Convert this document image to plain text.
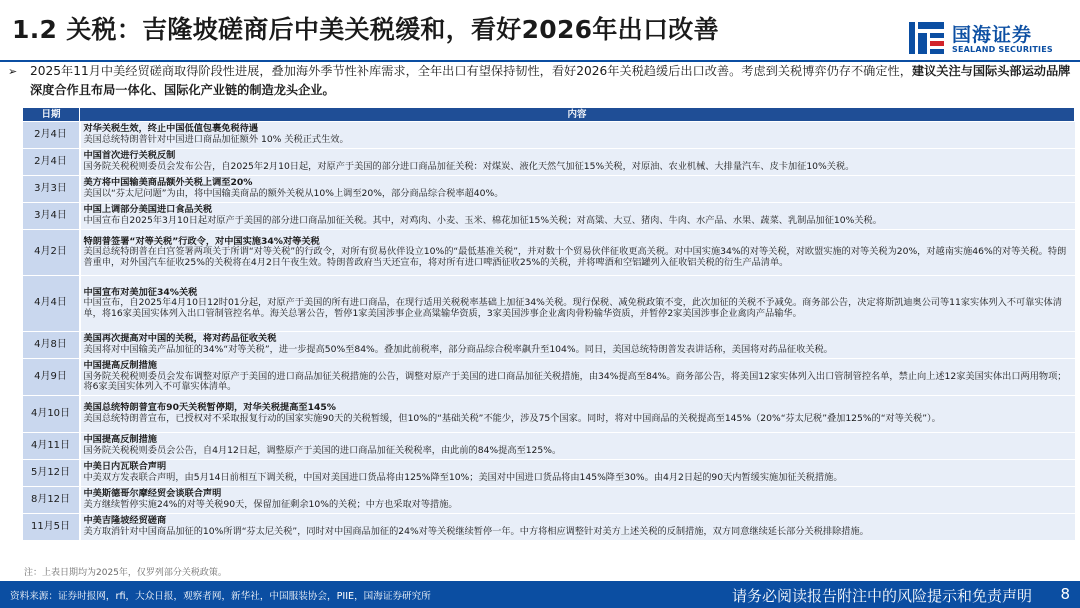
1.2 关税：吉隆坡磋商后中美关税缓和，看好2026年出口改善	国海证券
SEALAND SECURITIES
➢	2025年11月中美经贸磋商取得阶段性进展，叠加海外季节性补库需求，全年出口有望保持韧性，看好2026年关税趋缓后出口改善。考虑到关税博弈仍存不确定性，建议关注与国际头部运动品牌深度合作且布局一体化、国际化产业链的制造龙头企业。
日期	内容
2月4日	对华关税生效，终止中国低值包裹免税待遇
美国总统特朗普针对中国进口商品加征额外 10% 关税正式生效。

2月4日	中国首次进行关税反制
国务院关税税则委员会发布公告，自2025年2月10日起，对原产于美国的部分进口商品加征关税：对煤炭、液化天然气加征15%关税，对原油、农业机械、大排量汽车、皮卡加征10%关税。

3月3日	美方将中国输美商品额外关税上调至20%
美国以“芬太尼问题”为由，将中国输美商品的额外关税从10%上调至20%，部分商品综合税率超40%。

3月4日	中国上调部分美国进口食品关税
中国宣布自2025年3月10日起对原产于美国的部分进口商品加征关税。其中，对鸡肉、小麦、玉米、棉花加征15%关税；对高粱、大豆、猪肉、牛肉、水产品、水果、蔬菜、乳制品加征10%关税。

4月2日	特朗普签署“对等关税”行政令，对中国实施34%对等关税
美国总统特朗普在白宫签署两项关于所谓“对等关税”的行政令，对所有贸易伙伴设立10%的“最低基准关税”，并对数十个贸易伙伴征收更高关税。对中国实施34%的对等关税，对欧盟实施的对等关税为20%，对越南实施46%的对等关税。特朗普重申，对外国汽车征收25%的关税将在4月2日午夜生效。特朗普政府当天还宣布，将对所有进口啤酒征收25%的关税，并将啤酒和空铝罐列入征收铝关税的衍生产品清单。

4月4日	中国宣布对美加征34%关税
中国宣布，自2025年4月10日12时01分起，对原产于美国的所有进口商品，在现行适用关税税率基础上加征34%关税。现行保税、减免税政策不变，此次加征的关税不予减免。商务部公告，决定将斯凯迪奥公司等11家实体列入不可靠实体清单，将16家美国实体列入出口管制管控名单。海关总署公告，暂停1家美国涉事企业高粱输华资质，3家美国涉事企业禽肉骨粉输华资质，并暂停2家美国涉事企业禽肉产品输华。

4月8日	美国再次提高对中国的关税，将对药品征收关税
美国将对中国输美产品加征的34%“对等关税”，进一步提高50%至84%。叠加此前税率，部分商品综合税率飙升至104%。同日，美国总统特朗普发表讲话称，美国将对药品征收关税。

4月9日	中国提高反制措施
国务院关税税则委员会发布调整对原产于美国的进口商品加征关税措施的公告，调整对原产于美国的进口商品加征关税措施，由34%提高至84%。商务部公告，将美国12家实体列入出口管制管控名单，禁止向上述12家美国实体出口两用物项；将6家美国实体列入不可靠实体清单。

4月10日	美国总统特朗普宣布90天关税暂停期，对华关税提高至145%
美国总统特朗普宣布，已授权对不采取报复行动的国家实施90天的关税暂缓，但10%的“基础关税”不能少，涉及75个国家。同时，将对中国商品的关税提高至145%（20%“芬太尼税”叠加125%的“对等关税”）。

4月11日	中国提高反制措施
国务院关税税则委员会公告，自4月12日起，调整原产于美国的进口商品加征关税税率，由此前的84%提高至125%。

5月12日	中美日内瓦联合声明
中美双方发表联合声明，由5月14日前相互下调关税，中国对美国进口货品将由125%降至10%；美国对中国进口货品将由145%降至30%。由4月2日起的90天内暂缓实施加征关税措施。

8月12日	中美斯德哥尔摩经贸会谈联合声明
美方继续暂停实施24%的对等关税90天，保留加征剩余10%的关税；中方也采取对等措施。

11月5日	中美吉隆坡经贸磋商
美方取消针对中国商品加征的10%所谓“芬太尼关税”，同时对中国商品加征的24%对等关税继续暂停一年。中方将相应调整针对美方上述关税的反制措施，双方同意继续延长部分关税排除措施。
注：上表日期均为2025年，仅罗列部分关税政策。
资料来源：证券时报网，rfi，大众日报，观察者网，新华社，中国服装协会，PIIE，国海证券研究所	请务必阅读报告附注中的风险提示和免责声明 8
